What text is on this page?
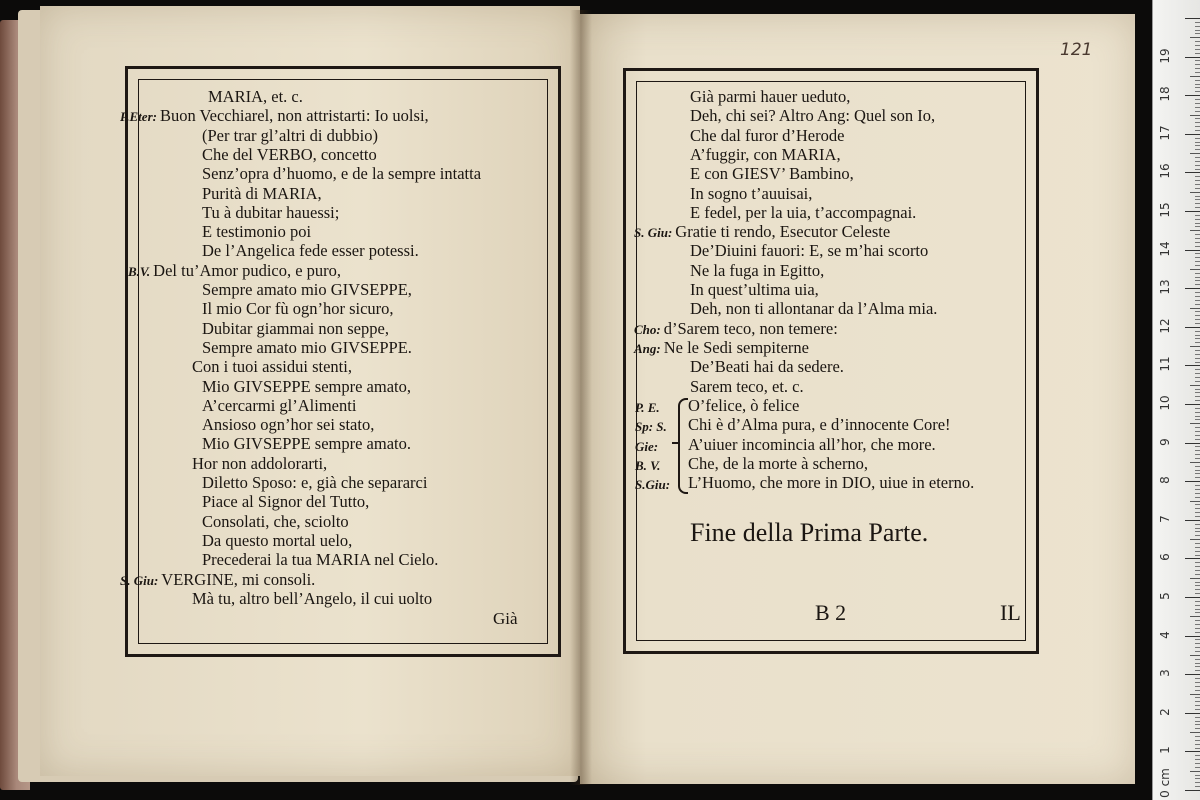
121
MARIA, et. c.
P.Eter: Buon Vecchiarel, non attristarti: Io uolsi,
(Per trar gl’altri di dubbio)
Che del VERBO, concetto
Senz’opra d’huomo, e de la sempre intatta
Purità di MARIA,
Tu à dubitar hauessi;
E testimonio poi
De l’Angelica fede esser potessi.
B.V. Del tu’Amor pudico, e puro,
Sempre amato mio GIVSEPPE,
Il mio Cor fù ogn’hor sicuro,
Dubitar giammai non seppe,
Sempre amato mio GIVSEPPE.
Con i tuoi assidui stenti,
Mio GIVSEPPE sempre amato,
A’cercarmi gl’Alimenti
Ansioso ogn’hor sei stato,
Mio GIVSEPPE sempre amato.
Hor non addolorarti,
Diletto Sposo: e, già che separarci
Piace al Signor del Tutto,
Consolati, che, sciolto
Da questo mortal uelo,
Precederai la tua MARIA nel Cielo.
S. Giu: VERGINE, mi consoli.
Mà tu, altro bell’Angelo, il cui uolto
Già parmi hauer ueduto,
Deh, chi sei? Altro Ang: Quel son Io,
Che dal furor d’Herode
A’fuggir, con MARIA,
E con GIESV’ Bambino,
In sogno t’auuisai,
E fedel, per la uia, t’accompagnai.
S. Giu: Gratie ti rendo, Esecutor Celeste
De’Diuini fauori: E, se m’hai scorto
Ne la fuga in Egitto,
In quest’ultima uia,
Deh, non ti allontanar da l’Alma mia.
Cho: d’Sarem teco, non temere:
Ang: Ne le Sedi sempiterne
De’Beati hai da sedere.
Sarem teco, et. c.
P. E. O’felice, ò felice
Sp: S. Chi è d’Alma pura, e d’innocente Core!
Gie: A’uiuer incomincia all’hor, che more.
B. V. Che, de la morte à scherno,
S.Giu: L’Huomo, che more in DIO, uiue in eterno.
Già
Fine della Prima Parte.
B 2	IL
0 cm
1
2
3
4
5
6
7
8
9
10
11
12
13
14
15
16
17
18
19
